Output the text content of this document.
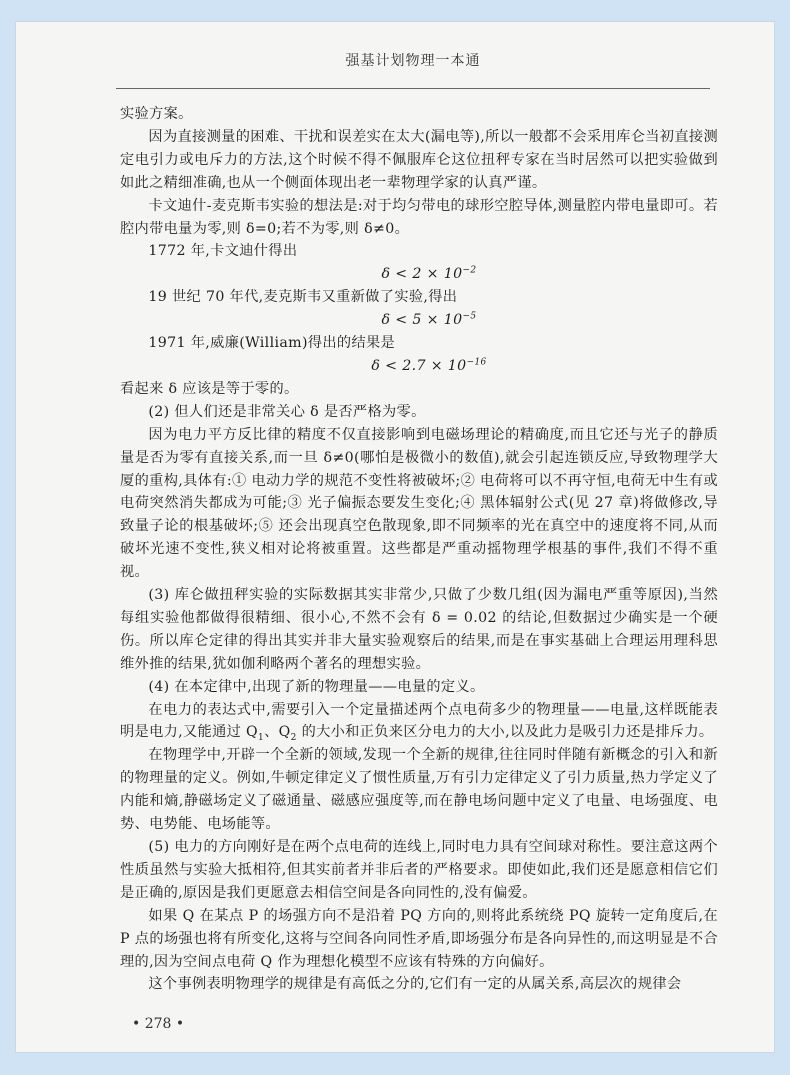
强基计划物理一本通

实验方案。

因为直接测量的困难、干扰和误差实在太大(漏电等),所以一般都不会采用库仑当初直接测定电引力或电斥力的方法,这个时候不得不佩服库仑这位扭秤专家在当时居然可以把实验做到如此之精细准确,也从一个侧面体现出老一辈物理学家的认真严谨。

卡文迪什-麦克斯韦实验的想法是:对于均匀带电的球形空腔导体,测量腔内带电量即可。若腔内带电量为零,则 δ=0;若不为零,则 δ≠0。

1772 年,卡文迪什得出

$\delta < 2 \times 10^{-2}$

19 世纪 70 年代,麦克斯韦又重新做了实验,得出

$\delta < 5 \times 10^{-5}$

1971 年,威廉(William)得出的结果是

$\delta < 2.7 \times 10^{-16}$

看起来 δ 应该是等于零的。

(2) 但人们还是非常关心 δ 是否严格为零。

因为电力平方反比律的精度不仅直接影响到电磁场理论的精确度,而且它还与光子的静质量是否为零有直接关系,而一旦 δ≠0(哪怕是极微小的数值),就会引起连锁反应,导致物理学大厦的重构,具体有:① 电动力学的规范不变性将被破坏;② 电荷将可以不再守恒,电荷无中生有或电荷突然消失都成为可能;③ 光子偏振态要发生变化;④ 黑体辐射公式(见 27 章)将做修改,导致量子论的根基破坏;⑤ 还会出现真空色散现象,即不同频率的光在真空中的速度将不同,从而破坏光速不变性,狭义相对论将被重置。这些都是严重动摇物理学根基的事件,我们不得不重视。

(3) 库仑做扭秤实验的实际数据其实非常少,只做了少数几组(因为漏电严重等原因),当然每组实验他都做得很精细、很小心,不然不会有 δ = 0.02 的结论,但数据过少确实是一个硬伤。所以库仑定律的得出其实并非大量实验观察后的结果,而是在事实基础上合理运用理科思维外推的结果,犹如伽利略两个著名的理想实验。

(4) 在本定律中,出现了新的物理量——电量的定义。

在电力的表达式中,需要引入一个定量描述两个点电荷多少的物理量——电量,这样既能表明是电力,又能通过 $Q_1$、$Q_2$ 的大小和正负来区分电力的大小,以及此力是吸引力还是排斥力。

在物理学中,开辟一个全新的领域,发现一个全新的规律,往往同时伴随有新概念的引入和新的物理量的定义。例如,牛顿定律定义了惯性质量,万有引力定律定义了引力质量,热力学定义了内能和熵,静磁场定义了磁通量、磁感应强度等,而在静电场问题中定义了电量、电场强度、电势、电势能、电场能等。

(5) 电力的方向刚好是在两个点电荷的连线上,同时电力具有空间球对称性。要注意这两个性质虽然与实验大抵相符,但其实前者并非后者的严格要求。即使如此,我们还是愿意相信它们是正确的,原因是我们更愿意去相信空间是各向同性的,没有偏爱。

如果 Q 在某点 P 的场强方向不是沿着 PQ 方向的,则将此系统绕 PQ 旋转一定角度后,在 P 点的场强也将有所变化,这将与空间各向同性矛盾,即场强分布是各向异性的,而这明显是不合理的,因为空间点电荷 Q 作为理想化模型不应该有特殊的方向偏好。

这个事例表明物理学的规律是有高低之分的,它们有一定的从属关系,高层次的规律会

• 278 •
